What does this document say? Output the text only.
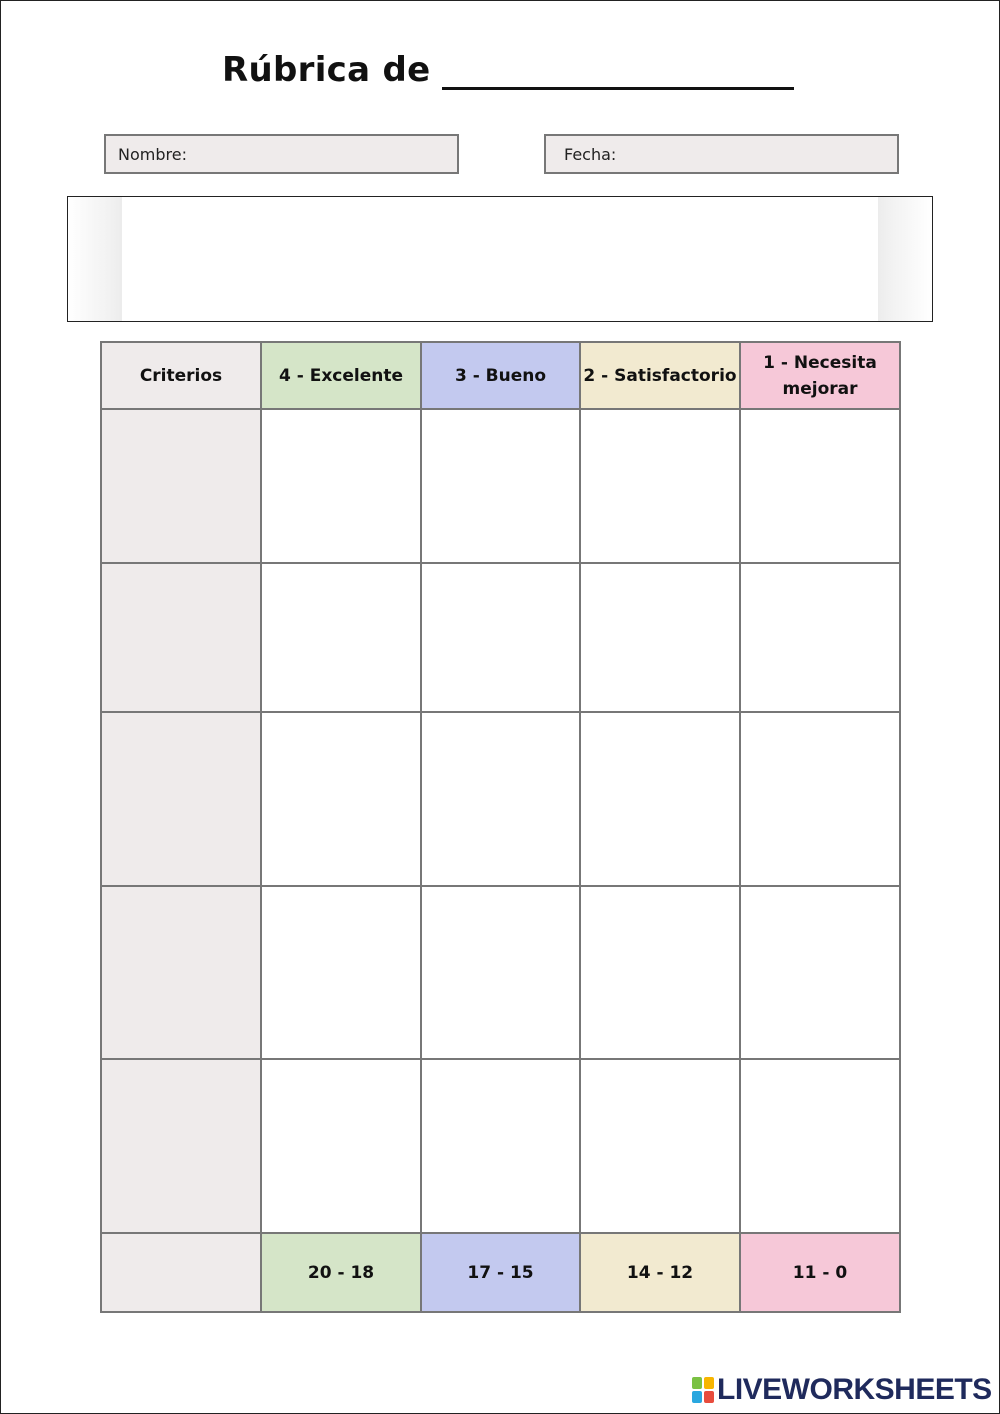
Rúbrica de
Nombre:	Fecha:
Criterios	4 - Excelente	3 - Bueno	2 - Satisfactorio	1 - Necesita mejorar

	20 - 18	17 - 15	14 - 12	11 - 0
LIVEWORKSHEETS
